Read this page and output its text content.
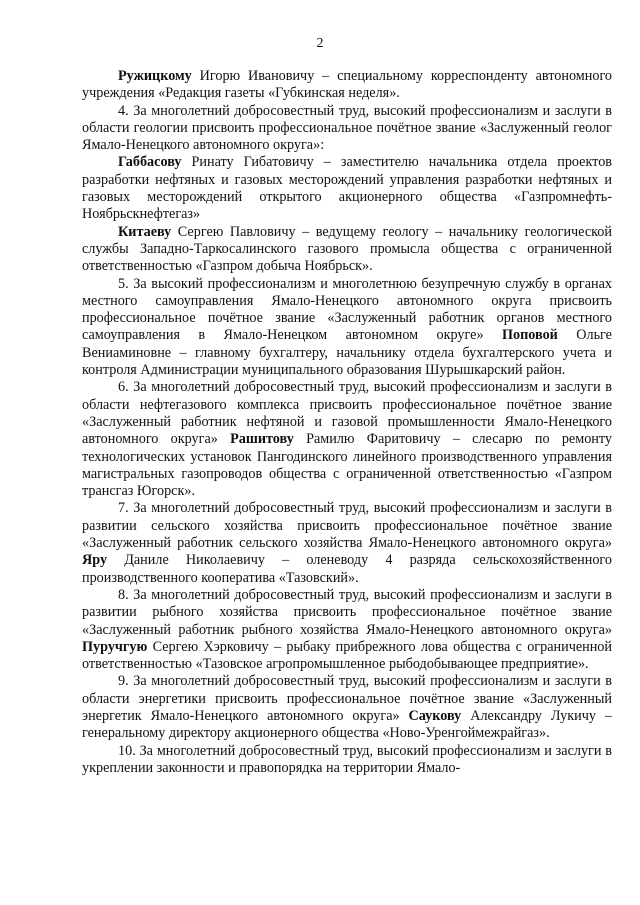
2

Ружицкому Игорю Ивановичу – специальному корреспонденту автономного учреждения «Редакция газеты «Губкинская неделя».

4. За многолетний добросовестный труд, высокий профессионализм и заслуги в области геологии присвоить профессиональное почётное звание «Заслуженный геолог Ямало-Ненецкого автономного округа»:

Габбасову Ринату Гибатовичу – заместителю начальника отдела проектов разработки нефтяных и газовых месторождений управления разработки нефтяных и газовых месторождений открытого акционерного общества «Газпромнефть-Ноябрьскнефтегаз»

Китаеву Сергею Павловичу – ведущему геологу – начальнику геологической службы Западно-Таркосалинского газового промысла общества с ограниченной ответственностью «Газпром добыча Ноябрьск».

5. За высокий профессионализм и многолетнюю безупречную службу в органах местного самоуправления Ямало-Ненецкого автономного округа присвоить профессиональное почётное звание «Заслуженный работник органов местного самоуправления в Ямало-Ненецком автономном округе» Поповой Ольге Вениаминовне – главному бухгалтеру, начальнику отдела бухгалтерского учета и контроля Администрации муниципального образования Шурышкарский район.

6. За многолетний добросовестный труд, высокий профессионализм и заслуги в области нефтегазового комплекса присвоить профессиональное почётное звание «Заслуженный работник нефтяной и газовой промышленности Ямало-Ненецкого автономного округа» Рашитову Рамилю Фаритовичу – слесарю по ремонту технологических установок Пангодинского линейного производственного управления магистральных газопроводов общества с ограниченной ответственностью «Газпром трансгаз Югорск».

7. За многолетний добросовестный труд, высокий профессионализм и заслуги в развитии сельского хозяйства присвоить профессиональное почётное звание «Заслуженный работник сельского хозяйства Ямало-Ненецкого автономного округа» Яру Даниле Николаевичу – оленеводу 4 разряда сельскохозяйственного производственного кооператива «Тазовский».

8. За многолетний добросовестный труд, высокий профессионализм и заслуги в развитии рыбного хозяйства присвоить профессиональное почётное звание «Заслуженный работник рыбного хозяйства Ямало-Ненецкого автономного округа» Пуручгую Сергею Хэрковичу – рыбаку прибрежного лова общества с ограниченной ответственностью «Тазовское агропромышленное рыбодобывающее предприятие».

9. За многолетний добросовестный труд, высокий профессионализм и заслуги в области энергетики присвоить профессиональное почётное звание «Заслуженный энергетик Ямало-Ненецкого автономного округа» Саукову Александру Лукичу – генеральному директору акционерного общества «Ново-Уренгоймежрайгаз».

10. За многолетний добросовестный труд, высокий профессионализм и заслуги в укреплении законности и правопорядка на территории Ямало-
